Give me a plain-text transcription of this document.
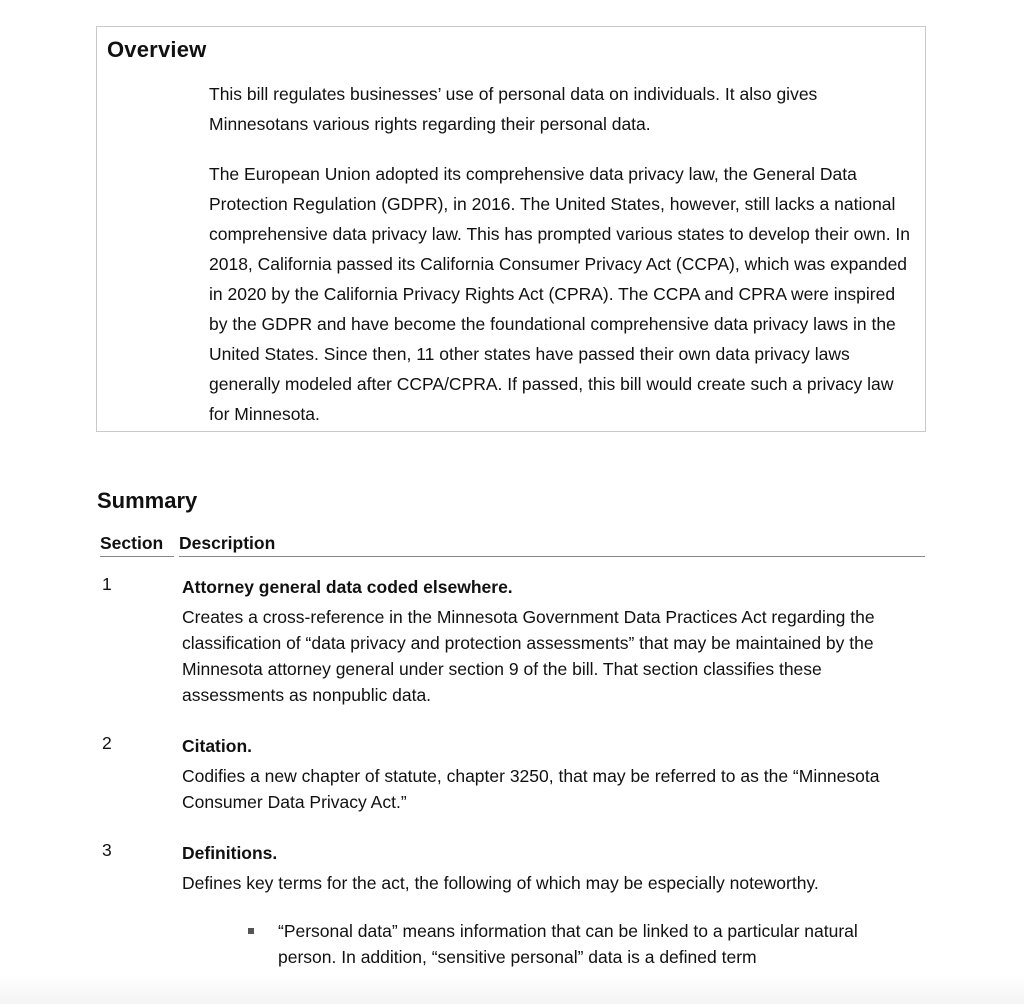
Overview

This bill regulates businesses’ use of personal data on individuals. It also gives Minnesotans various rights regarding their personal data.

The European Union adopted its comprehensive data privacy law, the General Data Protection Regulation (GDPR), in 2016. The United States, however, still lacks a national comprehensive data privacy law. This has prompted various states to develop their own. In 2018, California passed its California Consumer Privacy Act (CCPA), which was expanded in 2020 by the California Privacy Rights Act (CPRA). The CCPA and CPRA were inspired by the GDPR and have become the foundational comprehensive data privacy laws in the United States. Since then, 11 other states have passed their own data privacy laws generally modeled after CCPA/CPRA. If passed, this bill would create such a privacy law for Minnesota.

Summary
Section Description
1	Attorney general data coded elsewhere.

Creates a cross-reference in the Minnesota Government Data Practices Act regarding the classification of “data privacy and protection assessments” that may be maintained by the Minnesota attorney general under section 9 of the bill. That section classifies these assessments as nonpublic data.

2	Citation.

Codifies a new chapter of statute, chapter 3250, that may be referred to as the “Minnesota Consumer Data Privacy Act.”

3	Definitions.

Defines key terms for the act, the following of which may be especially noteworthy.

“Personal data” means information that can be linked to a particular natural person. In addition, “sensitive personal” data is a defined term
